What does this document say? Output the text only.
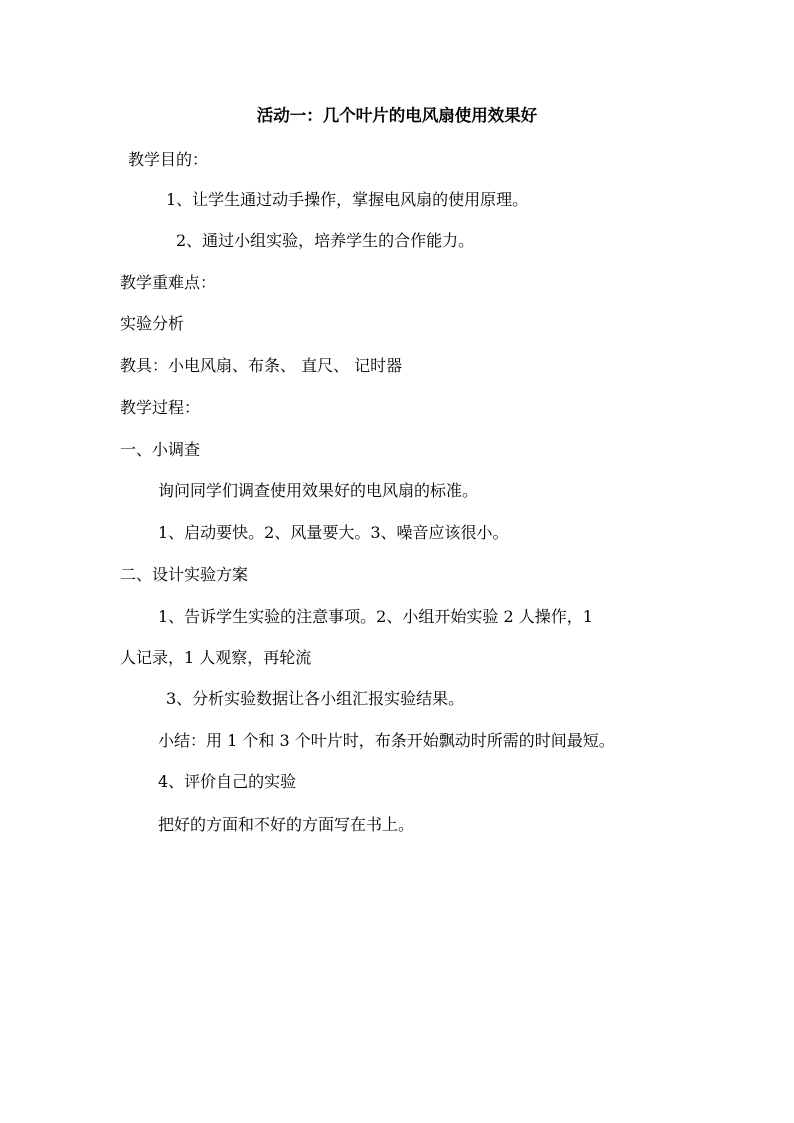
活动一：几个叶片的电风扇使用效果好

教学目的：

1、让学生通过动手操作，掌握电风扇的使用原理。

2、通过小组实验，培养学生的合作能力。

教学重难点：

实验分析

教具：小电风扇、布条、 直尺、 记时器

教学过程：

一、小调查

询问同学们调查使用效果好的电风扇的标准。

1、启动要快。2、风量要大。3、噪音应该很小。

二、设计实验方案

1、告诉学生实验的注意事项。2、小组开始实验 2 人操作，1

人记录，1 人观察，再轮流

3、分析实验数据让各小组汇报实验结果。

小结：用 1 个和 3 个叶片时，布条开始飘动时所需的时间最短。

4、评价自己的实验

把好的方面和不好的方面写在书上。
